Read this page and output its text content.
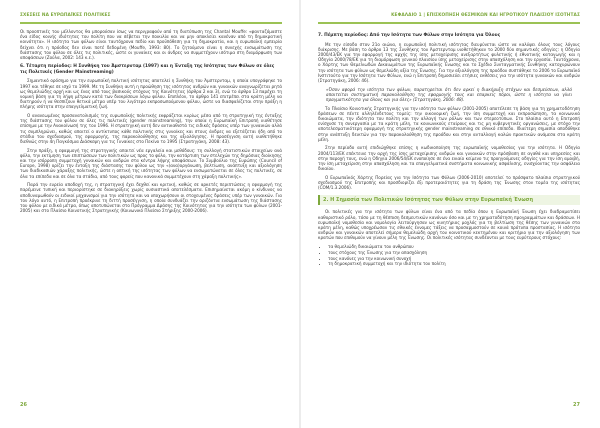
ΣΧΕΣΕΙΣ ΝΑ ΕΥΡΩΠΑΪΚΕΣ ΠΟΛΙΤΙΚΕΣ

Οι προοπτικές του μέλλοντος θα μπορούσαν ίσως να περιγραφούν από τη διατύπωση της Chantal Mouffe: «φανταζόμαστε ένα είδος κοινής ιδιότητας του πολίτη που να σέβεται την ποικιλία και να μην αποκλείει κανέναν από τη δημοκρατική κοινότητα». Η ισότητα των φύλων είναι ταυτόχρονα πεδίο και προϋπόθεση για τη δημοκρατία, και η ευρωπαϊκή εμπειρία δείχνει ότι η πρόοδος δεν είναι ποτέ δεδομένη (Mouffe, 1993: 80). Το ζητούμενο είναι η συνεχής ενσωμάτωση της διάστασης του φύλου σε όλες τις πολιτικές, ώστε οι γυναίκες και οι άνδρες να συμμετέχουν ισότιμα στη διαμόρφωση των αποφάσεων (Ζούλα, 2002: 143 κ.ε.).

6. Τέταρτη περίοδος: Η Συνθήκη του Άμστερνταμ (1997) και η Ένταξη της Ισότητας των Φύλων σε όλες τις Πολιτικές (Gender Mainstreaming)

Σημαντικό ορόσημο για την ευρωπαϊκή πολιτική ισότητας αποτελεί η Συνθήκη του Άμστερνταμ, η οποία υπογράφηκε το 1997 και τέθηκε σε ισχύ το 1999. Με τη Συνθήκη αυτή η προώθηση της ισότητας ανδρών και γυναικών αναγνωρίζεται ρητά ως θεμελιώδης αρχή και ως ένας από τους βασικούς στόχους της Κοινότητας (άρθρα 2 και 3), ενώ το άρθρο 13 παρέχει τη νομική βάση για τη λήψη μέτρων κατά των διακρίσεων λόγω φύλου. Επιπλέον, το άρθρο 141 επιτρέπει στα κράτη μέλη να διατηρούν ή να θεσπίζουν θετικά μέτρα υπέρ του λιγότερο εκπροσωπούμενου φύλου, ώστε να διασφαλίζεται στην πράξη η πλήρης ισότητα στην επαγγελματική ζωή.

Ο ανανεωμένος προσανατολισμός της ευρωπαϊκής πολιτικής εκφράζεται κυρίως μέσα από τη στρατηγική της ένταξης της διάστασης του φύλου σε όλες τις πολιτικές (gender mainstreaming), την οποία η Ευρωπαϊκή Επιτροπή υιοθέτησε επίσημα με την Ανακοίνωσή της του 1996. Η στρατηγική αυτή δεν αντικαθιστά τις ειδικές δράσεις υπέρ των γυναικών αλλά τις συμπληρώνει, καθώς απαιτεί ο αντίκτυπος κάθε πολιτικής στις γυναίκες και στους άνδρες να εξετάζεται ήδη από το στάδιο του σχεδιασμού, της εφαρμογής, της παρακολούθησης και της αξιολόγησης. Η προσέγγιση αυτή υιοθετήθηκε διεθνώς στην 4η Παγκόσμια Διάσκεψη για τις Γυναίκες στο Πεκίνο το 1995 (Στρατηγάκη, 2008: 43).

Στην πράξη, η εφαρμογή της στρατηγικής απαιτεί νέα εργαλεία και μεθόδους: τη συλλογή στατιστικών στοιχείων ανά φύλο, την εκτίμηση των επιπτώσεων των πολιτικών ως προς το φύλο, την κατάρτιση των στελεχών της δημόσιας διοίκησης και την ισόρροπη συμμετοχή γυναικών και ανδρών στα κέντρα λήψης αποφάσεων. Το Συμβούλιο της Ευρώπης (Council of Europe, 1998) ορίζει την ένταξη της διάστασης του φύλου ως την «(ανα)οργάνωση, βελτίωση, ανάπτυξη και αξιολόγηση των διαδικασιών χάραξης πολιτικής, ώστε η οπτική της ισότητας των φύλων να ενσωματώνεται σε όλες τις πολιτικές, σε όλα τα επίπεδα και σε όλα τα στάδια, από τους φορείς που κανονικά συμμετέχουν στη χάραξη πολιτικής».

Παρά την ευρεία αποδοχή της, η στρατηγική έχει δεχθεί και κριτική, καθώς σε αρκετές περιπτώσεις η εφαρμογή της παρέμεινε τυπική και περιορίστηκε σε διακηρύξεις χωρίς ουσιαστικά αποτελέσματα. Επισημαίνεται ακόμη ο κίνδυνος να αποδυναμωθούν οι ειδικοί μηχανισμοί για την ισότητα και να υποχωρήσουν οι στοχευμένες δράσεις υπέρ των γυναικών. Για τον λόγο αυτό, η Επιτροπή προέκρινε τη διττή προσέγγιση, η οποία συνδυάζει την οριζόντια ενσωμάτωση της διάστασης του φύλου με ειδικά μέτρα, όπως αποτυπώνεται στο Πρόγραμμα Δράσης της Κοινότητας για την ισότητα των φύλων (2001-2005) και στο Πλαίσιο Κοινοτικής Στρατηγικής (Κοινωνικό Πλαίσιο Στήριξης 2000-2006).

26
ΚΕΦΑΛΑΙΟ 1 | ΕΠΙΣΚΟΠΗΣΗ ΘΕΣΜΙΚΩΝ ΚΑΙ ΗΓΡΟΤΙΚΟΥ ΠΛΑΙΣΙΟΥ ΙΣΟΤΗΤΑΣ
7. Πέμπτη περίοδος: Από την Ισότητα των Φύλων στην Ισότητα για Όλους

Με την είσοδο στον 21ο αιώνα, η ευρωπαϊκή πολιτική ισότητας διευρύνεται ώστε να καλύψει όλους τους λόγους διάκρισης. Με βάση το άρθρο 13 της Συνθήκης του Άμστερνταμ υιοθετήθηκαν το 2000 δύο σημαντικές οδηγίες: η Οδηγία 2000/43/ΕΚ για την εφαρμογή της αρχής της ίσης μεταχείρισης ανεξαρτήτως φυλετικής ή εθνοτικής καταγωγής και η Οδηγία 2000/78/ΕΚ για τη διαμόρφωση γενικού πλαισίου ίσης μεταχείρισης στην απασχόληση και την εργασία. Ταυτόχρονα, ο Χάρτης των Θεμελιωδών Δικαιωμάτων της Ευρωπαϊκής Ένωσης και το Σχέδιο Συνταγματικής Συνθήκης κατοχυρώνουν την ισότητα των φύλων ως θεμελιώδη αξία της Ένωσης. Για την αξιολόγηση της προόδου συστάθηκε το 2006 το Ευρωπαϊκό Ινστιτούτο για την Ισότητα των Φύλων, ενώ η Επιτροπή δημοσιεύει ετήσιες εκθέσεις για την ισότητα γυναικών και ανδρών (Στρατηγάκη, 2006: 46).

«Όσον αφορά την ισότητα των φύλων, παρατηρείται ότι δεν αρκεί η διακήρυξη στόχων και δεσμεύσεων, αλλά απαιτείται συστηματική παρακολούθηση της εφαρμογής τους και επαρκείς πόροι, ώστε η ισότητα να γίνει πραγματικότητα για όλους και για όλες» (Στρατηγάκη, 2006: 48).

Το Πλαίσιο Κοινοτικής Στρατηγικής για την ισότητα των φύλων (2001-2005) αποτέλεσε τη βάση για τη χρηματοδότηση δράσεων σε πέντε αλληλένδετους τομείς: την οικονομική ζωή, την ίση συμμετοχή και εκπροσώπηση, τα κοινωνικά δικαιώματα, την ιδιότητα του πολίτη και την αλλαγή των ρόλων και των στερεοτύπων. Στο πλαίσιο αυτό η Επιτροπή ενίσχυσε τη συνεργασία με τα κράτη μέλη, τα κοινωνικούς εταίρους και τις μη κυβερνητικές οργανώσεις, με στόχο την αποτελεσματικότερη εφαρμογή της στρατηγικής gender mainstreaming σε εθνικό επίπεδο. Ιδιαίτερη σημασία αποδόθηκε στην ανάπτυξη δεικτών για την παρακολούθηση της προόδου και στην ανταλλαγή καλών πρακτικών ανάμεσα στα κράτη μέλη.

Στην περίοδο αυτή επιδιώχθηκε επίσης η κωδικοποίηση της ευρωπαϊκής νομοθεσίας για την ισότητα. Η Οδηγία 2004/113/ΕΚ επέκτεινε την αρχή της ίσης μεταχείρισης ανδρών και γυναικών στην πρόσβαση σε αγαθά και υπηρεσίες και στην παροχή τους, ενώ η Οδηγία 2006/54/ΕΚ ενοποίησε σε ένα ενιαίο κείμενο τις προηγούμενες οδηγίες για την ίση αμοιβή, την ίση μεταχείριση στην απασχόληση και τα επαγγελματικά συστήματα κοινωνικής ασφάλισης, ενισχύοντας την ασφάλεια δικαίου.

Ο Ευρωπαϊκός Χάρτης Πορείας για την Ισότητα των Φύλων (2006-2010) αποτελεί το πρόσφατο πλαίσιο στρατηγικού σχεδιασμού της Επιτροπής και προσδιορίζει έξι προτεραιότητες για τη δράση της Ένωσης στον τομέα της ισότητας (COM/1.3.2006).

2. Η Σημασία των Πολιτικών Ισότητας των Φύλων στην Ευρωπαϊκή Ένωση

Οι πολιτικές για την ισότητα των φύλων είναι ένα από τα πεδία όπου η Ευρωπαϊκή Ένωση έχει διαδραματίσει καθοριστικό ρόλο, τόσο με τη θέσπιση δεσμευτικών κανόνων όσο και με τη χρηματοδότηση προγραμμάτων και δράσεων. Η ευρωπαϊκή νομοθεσία και νομολογία λειτούργησαν ως κινητήριος μοχλός για τη βελτίωση της θέσης των γυναικών στα κράτη μέλη, καθώς υποχρέωσαν τις εθνικές έννομες τάξεις να προσαρμοστούν σε κοινά πρότυπα προστασίας. Η ισότητα ανδρών και γυναικών αποτελεί σήμερα θεμελιώδη αρχή του κοινοτικού κεκτημένου και κριτήριο για την αξιολόγηση των κρατών που επιθυμούν να γίνουν μέλη της Ένωσης. Οι πολιτικές ισότητας συνδέονται με τους ευρύτερους στόχους:

• τα θεμελιώδη δικαιώματα του ανθρώπου
• τους στόχους της Ένωσης για την απασχόληση
• τους κανόνες για την κοινωνική συνοχή
• τη δημοκρατική συμμετοχή και την ιδιότητα του πολίτη
27
